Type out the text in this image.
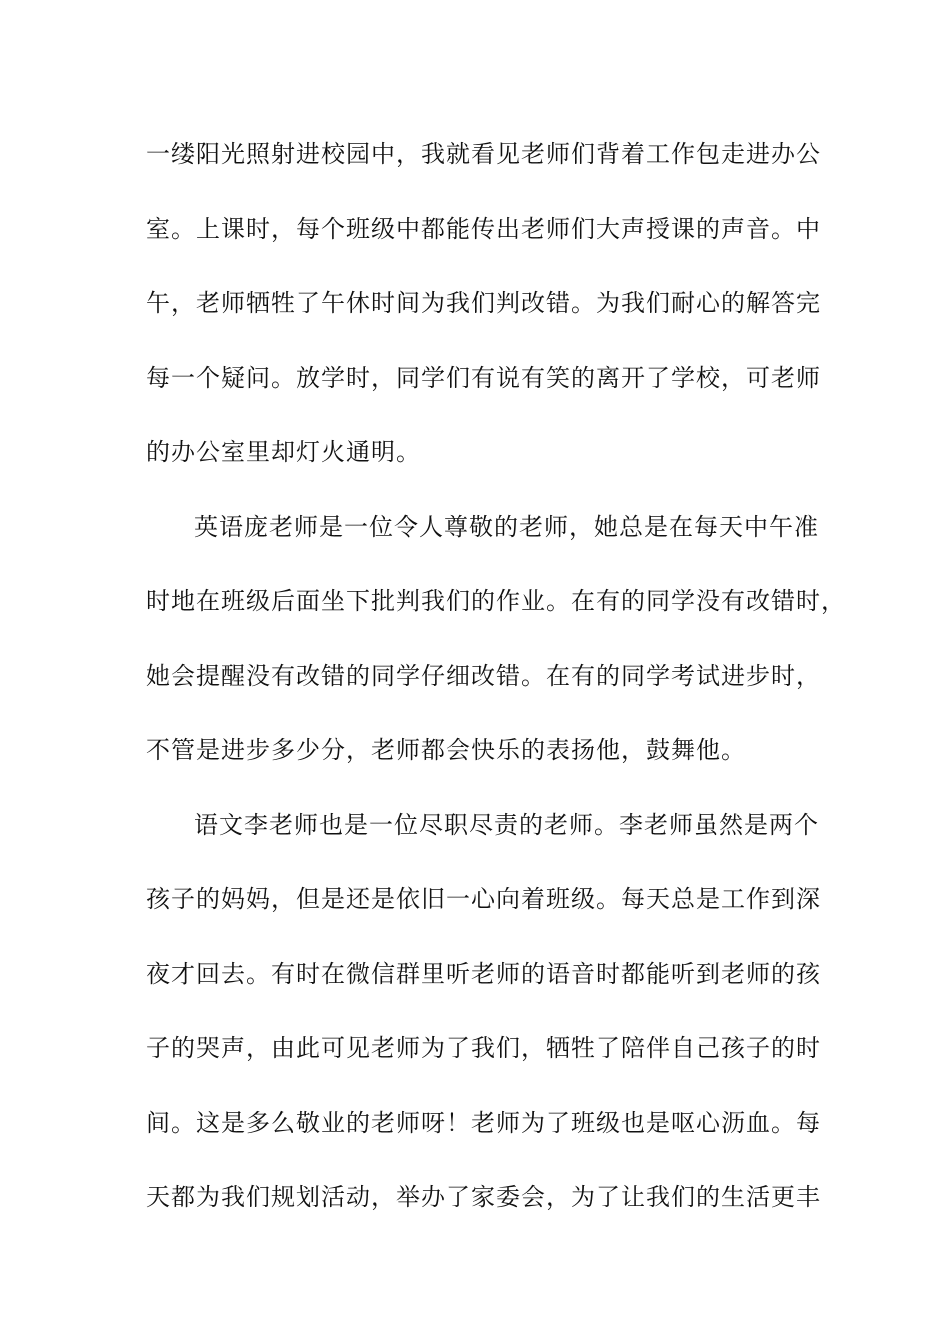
一缕阳光照射进校园中，我就看见老师们背着工作包走进办公
室。上课时，每个班级中都能传出老师们大声授课的声音。中
午，老师牺牲了午休时间为我们判改错。为我们耐心的解答完
每一个疑问。放学时，同学们有说有笑的离开了学校，可老师
的办公室里却灯火通明。
英语庞老师是一位令人尊敬的老师，她总是在每天中午准
时地在班级后面坐下批判我们的作业。在有的同学没有改错时，
她会提醒没有改错的同学仔细改错。在有的同学考试进步时，
不管是进步多少分，老师都会快乐的表扬他，鼓舞他。
语文李老师也是一位尽职尽责的老师。李老师虽然是两个
孩子的妈妈，但是还是依旧一心向着班级。每天总是工作到深
夜才回去。有时在微信群里听老师的语音时都能听到老师的孩
子的哭声，由此可见老师为了我们，牺牲了陪伴自己孩子的时
间。这是多么敬业的老师呀！老师为了班级也是呕心沥血。每
天都为我们规划活动，举办了家委会，为了让我们的生活更丰
